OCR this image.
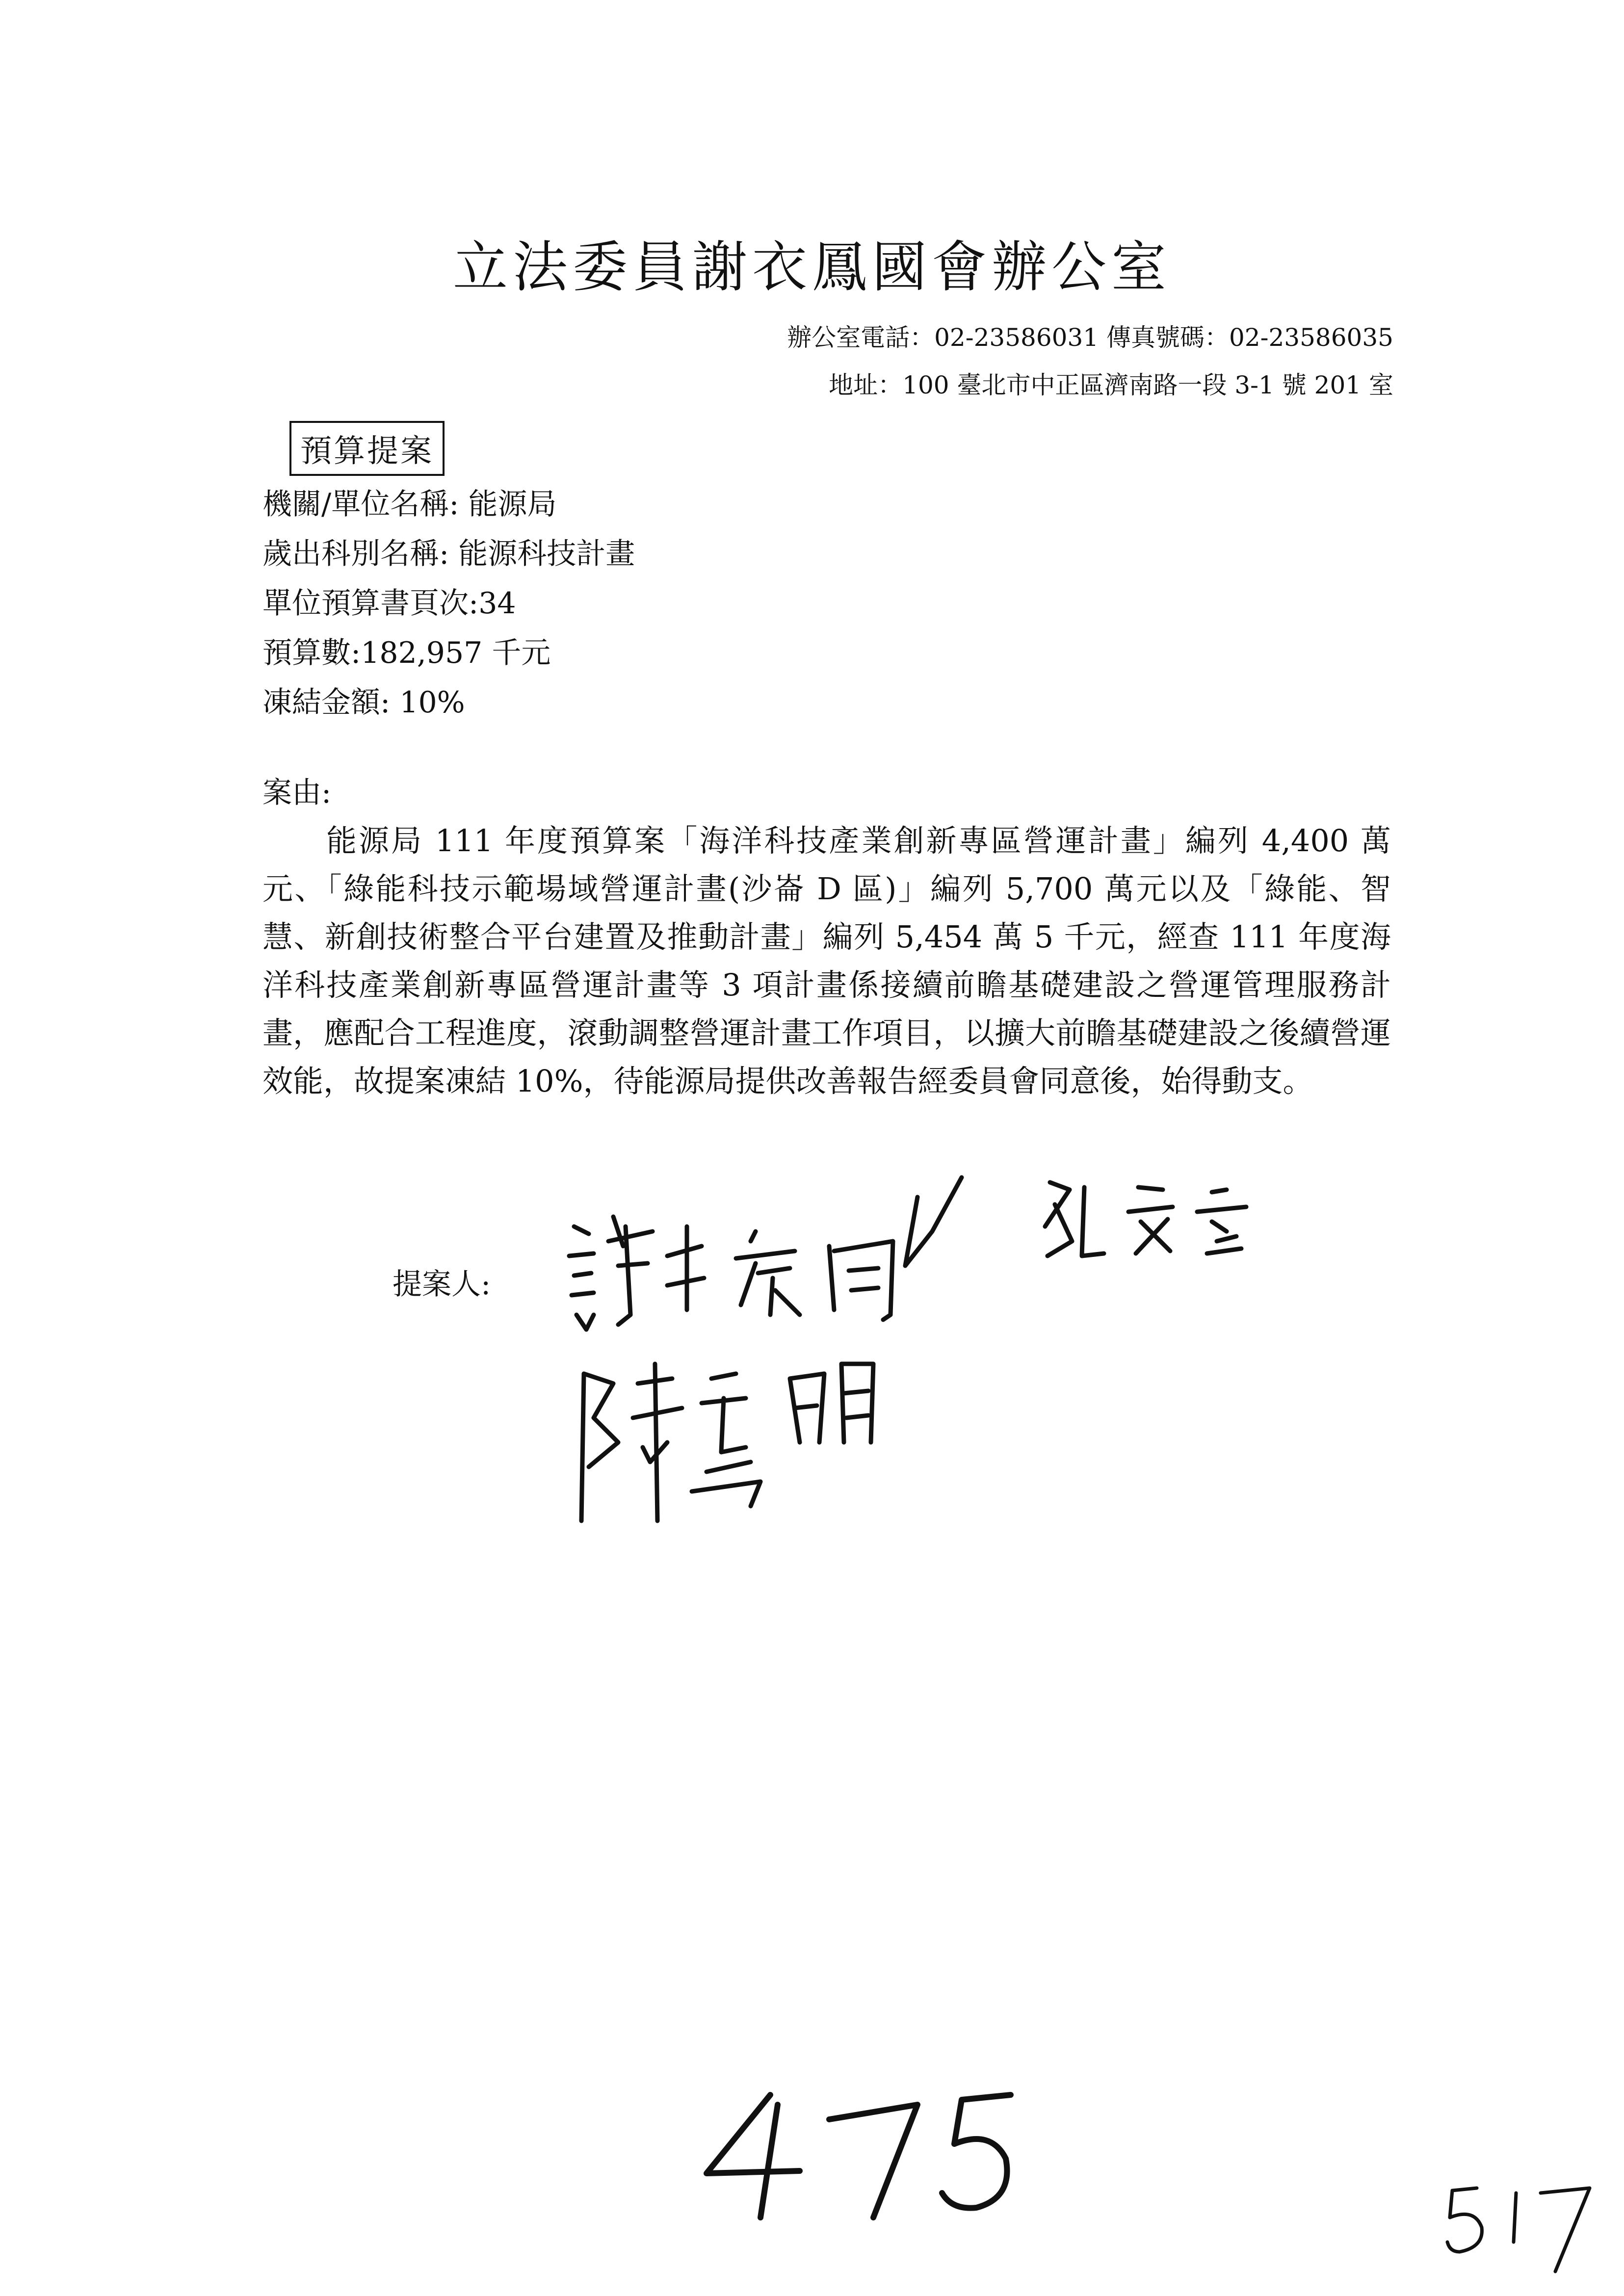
立法委員謝衣鳳國會辦公室
辦公室電話：02-23586031 傳真號碼：02-23586035
地址：100 臺北市中正區濟南路一段 3-1 號 201 室
預算提案
機關/單位名稱: 能源局
歲出科別名稱: 能源科技計畫
單位預算書頁次:34
預算數:182,957 千元
凍結金額: 10%
案由:
能源局 111 年度預算案「海洋科技產業創新專區營運計畫」編列 4,400 萬元、「綠能科技示範場域營運計畫(沙崙 D 區)」編列 5,700 萬元以及「綠能、智慧、新創技術整合平台建置及推動計畫」編列 5,454 萬 5 千元，經查 111 年度海洋科技產業創新專區營運計畫等 3 項計畫係接續前瞻基礎建設之營運管理服務計畫，應配合工程進度，滾動調整營運計畫工作項目，以擴大前瞻基礎建設之後續營運效能，故提案凍結 10%，待能源局提供改善報告經委員會同意後，始得動支。
提案人:
